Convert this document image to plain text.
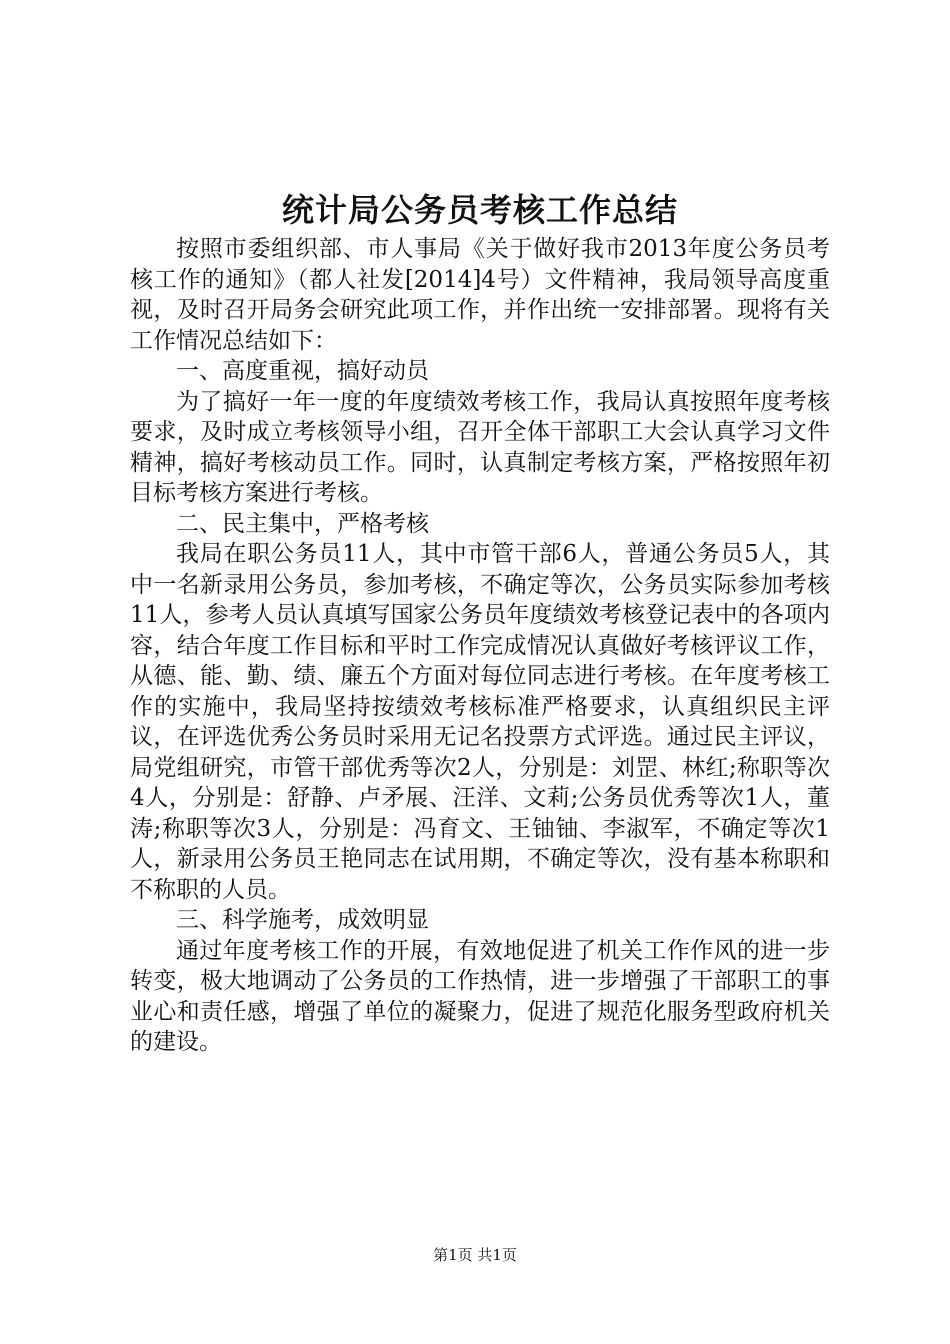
统计局公务员考核工作总结

按照市委组织部、市人事局《关于做好我市2013年度公务员考核工作的通知》（都人社发[2014]4号）文件精神，我局领导高度重视，及时召开局务会研究此项工作，并作出统一安排部署。现将有关工作情况总结如下：

一、高度重视，搞好动员

为了搞好一年一度的年度绩效考核工作，我局认真按照年度考核要求，及时成立考核领导小组，召开全体干部职工大会认真学习文件精神，搞好考核动员工作。同时，认真制定考核方案，严格按照年初目标考核方案进行考核。

二、民主集中，严格考核

我局在职公务员11人，其中市管干部6人，普通公务员5人，其中一名新录用公务员，参加考核，不确定等次，公务员实际参加考核11人，参考人员认真填写国家公务员年度绩效考核登记表中的各项内容，结合年度工作目标和平时工作完成情况认真做好考核评议工作，从德、能、勤、绩、廉五个方面对每位同志进行考核。在年度考核工作的实施中，我局坚持按绩效考核标准严格要求，认真组织民主评议，在评选优秀公务员时采用无记名投票方式评选。通过民主评议，局党组研究，市管干部优秀等次2人，分别是：刘罡、林红;称职等次4人，分别是：舒静、卢矛展、汪洋、文莉;公务员优秀等次1人，董涛;称职等次3人，分别是：冯育文、王铀铀、李淑军，不确定等次1人，新录用公务员王艳同志在试用期，不确定等次，没有基本称职和不称职的人员。

三、科学施考，成效明显

通过年度考核工作的开展，有效地促进了机关工作作风的进一步转变，极大地调动了公务员的工作热情，进一步增强了干部职工的事业心和责任感，增强了单位的凝聚力，促进了规范化服务型政府机关的建设。

第1页 共1页
